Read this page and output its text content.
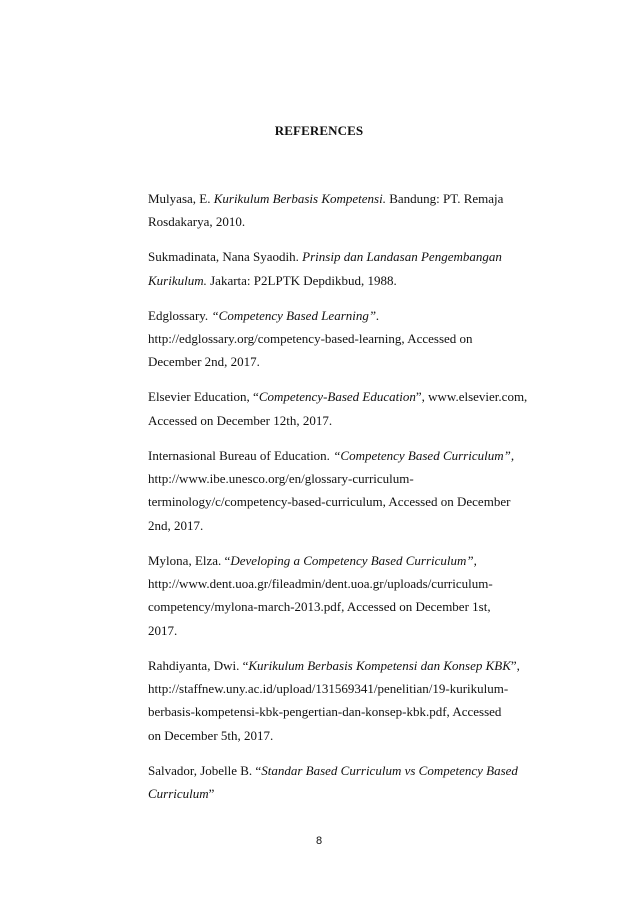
REFERENCES
Mulyasa, E. Kurikulum Berbasis Kompetensi. Bandung: PT. Remaja
Rosdakarya, 2010.
Sukmadinata, Nana Syaodih. Prinsip dan Landasan Pengembangan
Kurikulum. Jakarta: P2LPTK Depdikbud, 1988.
Edglossary. “Competency Based Learning”.
http://edglossary.org/competency-based-learning, Accessed on
December 2nd, 2017.
Elsevier Education, “Competency-Based Education”, www.elsevier.com,
Accessed on December 12th, 2017.
Internasional Bureau of Education. “Competency Based Curriculum”,
http://www.ibe.unesco.org/en/glossary-curriculum-
terminology/c/competency-based-curriculum, Accessed on December
2nd, 2017.
Mylona, Elza. “Developing a Competency Based Curriculum”,
http://www.dent.uoa.gr/fileadmin/dent.uoa.gr/uploads/curriculum-
competency/mylona-march-2013.pdf, Accessed on December 1st,
2017.
Rahdiyanta, Dwi. “Kurikulum Berbasis Kompetensi dan Konsep KBK”,
http://staffnew.uny.ac.id/upload/131569341/penelitian/19-kurikulum-
berbasis-kompetensi-kbk-pengertian-dan-konsep-kbk.pdf, Accessed
on December 5th, 2017.
Salvador, Jobelle B. “Standar Based Curriculum vs Competency Based
Curriculum”
8
